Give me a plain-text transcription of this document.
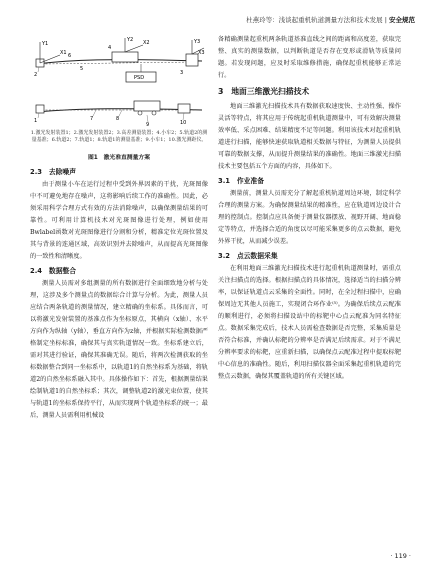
杜燕玲等：浅谈起重机轨道测量方法和技术发展 | 安全规范
Y1
X1
Y2 X2	Y3
X3
PSD
1
2	3
4
5
6
7	8
9	10
1.激光发射装置1；2.激光发射装置2；3.高差测量装置；4.小车2；5.轨道2的测量基准；6.轨道2；7.轨道1；8.轨道1的测量基准；9.小车1；10.激光测距仪。
图1　激光准直测量方案
2.3　去除噪声

由于测量小车在运行过程中受到外界因素的干扰，光斑图像中不可避免地存在噪声，这将影响后续工作的准确性。因此，必须采用科学合理方式有效的方法消除噪声，以确保测量结果的可靠性。可利用计算机技术对光斑图像进行处理，例如使用Bwlabel函数对光斑图像进行分割和分析，精准定位光斑位置及其与背景的连通区域，高效识别并去除噪声，从而提高光斑图像的一致性和清晰度。

2.4　数据整合

测量人员需对多组测量的所有数据进行全面细致地分析与处理，这涉及多个测量点的数据综合计算与分析。为此，测量人员应结合两条轨道的测量情况，建立精确的坐标系。具体而言，可以将激光发射装置的基准点作为坐标原点，其横向（x轴）、水平方向作为纵轴（y轴），垂直方向作为z轴，并根据实际检测数据严格制定坐标标准，确保其与真实轨道情况一致。坐标系建立后，需对其进行验证，确保其准确无误。随后，将两次检测获取的坐标数据整合到同一坐标系中，以轨道1的自然坐标系为基础，将轨道2的自然坐标系融入其中。具体操作如下：首先，根据测量结果绘制轨道1的自然坐标系；其次，调整轨道2的激光束位置，使其与轨道1的坐标系保持平行，从而实现两个轨道坐标系的统一；最后，测量人员需利用机械设

备精确测量起重机两条轨道基准直线之间的距离和高度差，获取完整、真实的测量数据，以判断轨道是否存在变形或滑轨等质量问题。若发现问题，应及时采取维修措施，确保起重机能够正常运行。

3　地面三维激光扫描技术

地面三维激光扫描技术具有数据获取速度快、主动性强、操作灵活等特点，将其应用于传统起重机轨道测量中，可有效解决测量效率低、采点困难、结果精度不足等问题。利用该技术对起重机轨道进行扫描，能够快速获取轨道相关数据与特征，为测量人员提供可靠的数据支撑，从而提升测量结果的准确性。地面三维激光扫描技术主要包括五个方面的内容，具体如下。

3.1　作业准备

测量前，测量人员需充分了解起重机轨道周边环境，制定科学合理的测量方案。为确保测量结果的精准性，应在轨道周边设计合理的控制点。控制点应具备便于测量仪器摆放、视野开阔、地面稳定等特点，并选择合适的角度以尽可能采集更多的点云数据，避免外界干扰，从而减少误差。

3.2　点云数据采集

在利用地面三维激光扫描技术进行起重机轨道测量时，需重点关注扫描点的选择。根据扫描点的具体情况，选择适当的扫描分辨率，以保证轨道点云采集的全面性。同时，在全过程扫描中，应确保周边无其他人员施工，实现闭合环作业⁽⁵⁾。为确保后续点云配准的顺利进行，必须将扫描设站中的标靶中心点云配准为同名特征点。数据采集完成后，技术人员需检查数据是否完整，采集质量是否符合标准，并确认标靶的分辨率是否满足后续需求。对于不满足分辨率要求的标靶，应重新扫描，以确保点云配准过程中提取标靶中心信息的准确性。随后，利用扫描仪器全面采集起重机轨道的完整点云数据，确保其覆盖轨道的所有关键区域。

· 119 ·
